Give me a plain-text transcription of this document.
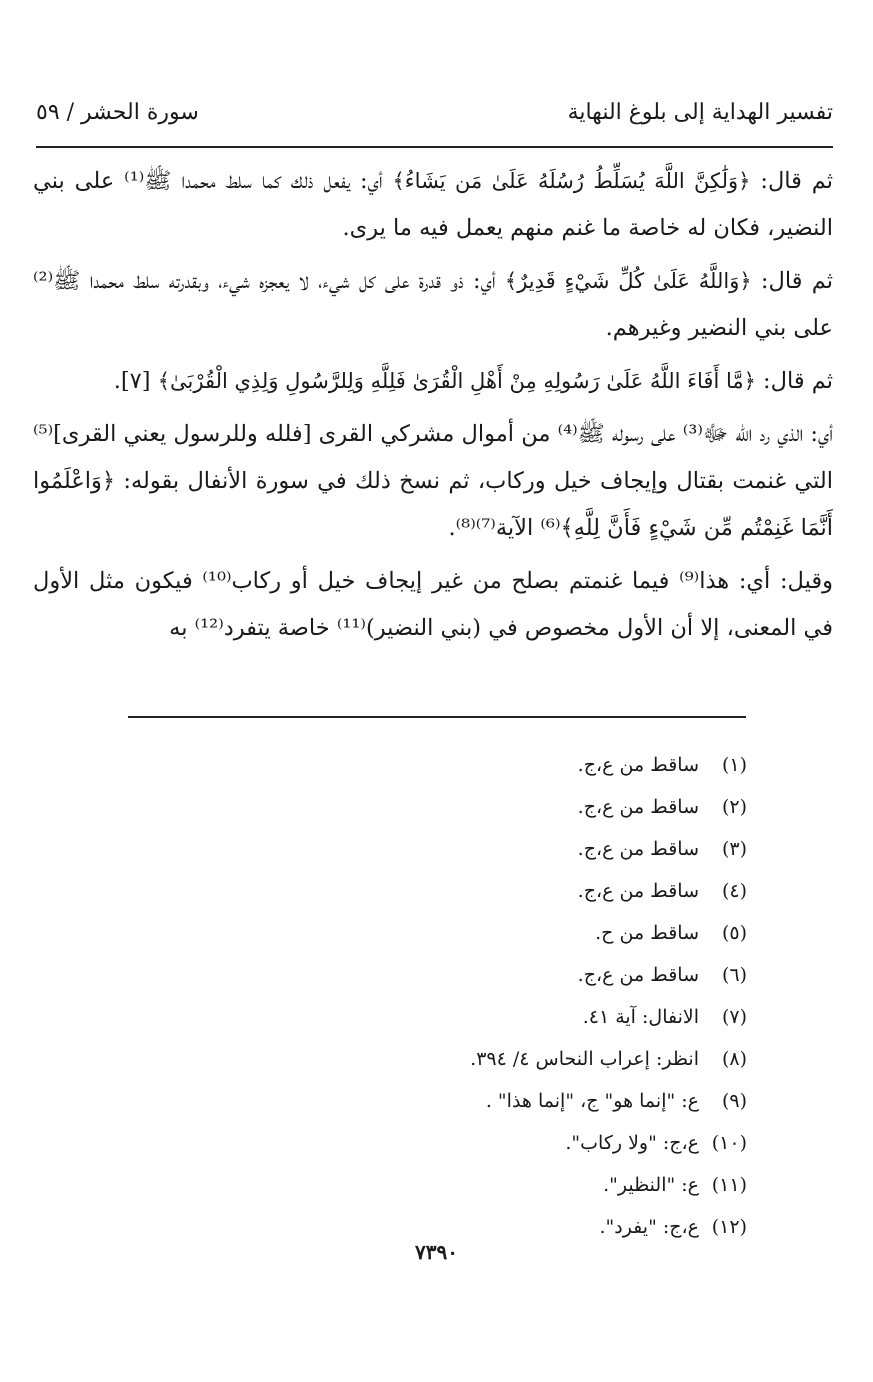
تفسير الهداية إلى بلوغ النهاية
سورة الحشر / ٥٩

ثم قال: ﴿وَلَٰكِنَّ اللَّهَ يُسَلِّطُ رُسُلَهُ عَلَىٰ مَن يَشَاءُ﴾ أي: يفعل ذلك كما سلط محمدا ﷺ⁽¹⁾ على بني النضير، فكان له خاصة ما غنم منهم يعمل فيه ما يرى.

ثم قال: ﴿وَاللَّهُ عَلَىٰ كُلِّ شَيْءٍ قَدِيرٌ﴾ أي: ذو قدرة على كل شيء، لا يعجزه شيء، وبقدرته سلط محمدا ﷺ⁽²⁾ على بني النضير وغيرهم.

ثم قال: ﴿مَّا أَفَاءَ اللَّهُ عَلَىٰ رَسُولِهِ مِنْ أَهْلِ الْقُرَىٰ فَلِلَّهِ وَلِلرَّسُولِ وَلِذِي الْقُرْبَىٰ﴾ [٧].

أي: الذي رد الله ﷻ⁽³⁾ على رسوله ﷺ⁽⁴⁾ من أموال مشركي القرى [فلله وللرسول يعني القرى]⁽⁵⁾ التي غنمت بقتال وإيجاف خيل وركاب، ثم نسخ ذلك في سورة الأنفال بقوله: ﴿وَاعْلَمُوا أَنَّمَا غَنِمْتُم مِّن شَيْءٍ فَأَنَّ لِلَّهِ﴾⁽⁶⁾ الآية⁽⁷⁾⁽⁸⁾.

وقيل: أي: هذا⁽⁹⁾ فيما غنمتم بصلح من غير إيجاف خيل أو ركاب⁽¹⁰⁾ فيكون مثل الأول في المعنى، إلا أن الأول مخصوص في (بني النضير)⁽¹¹⁾ خاصة يتفرد⁽¹²⁾ به

(١)
ساقط من ع،ج.
(٢)
ساقط من ع،ج.
(٣)
ساقط من ع،ج.
(٤)
ساقط من ع،ج.
(٥)
ساقط من ح.
(٦)
ساقط من ع،ج.
(٧)
الانفال: آية ٤١.
(٨)
انظر: إعراب النحاس ٤/ ٣٩٤.
(٩)
ع: "إنما هو" ج، "إنما هذا" .
(١٠)
ع،ج: "ولا ركاب".
(١١)
ع: "النظير".
(١٢)
ع،ج: "يفرد".
٧٣٩٠
